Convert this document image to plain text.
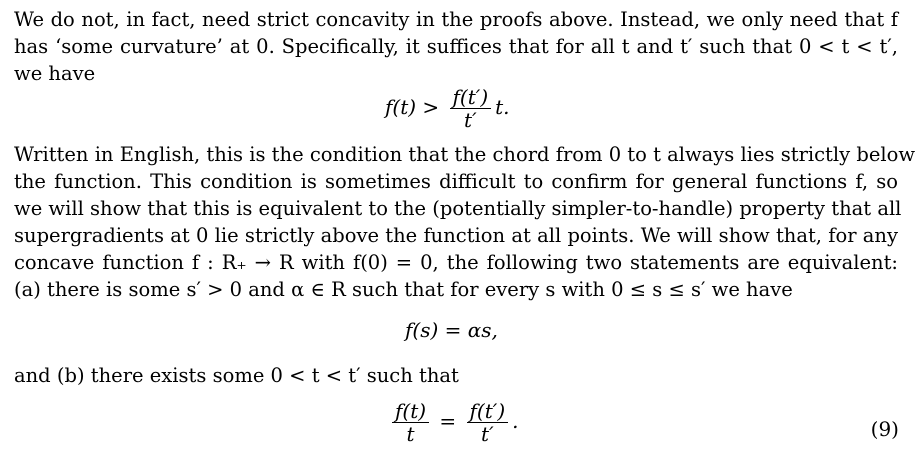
We do not, in fact, need strict concavity in the proofs above. Instead, we only need that f
has ‘some curvature’ at 0. Specifically, it suffices that for all t and t′ such that 0 < t < t′,
we have
$f(t) > \frac{f(t')}{t'} t$.
Written in English, this is the condition that the chord from 0 to t always lies strictly below
the function. This condition is sometimes difficult to confirm for general functions f, so
we will show that this is equivalent to the (potentially simpler-to-handle) property that all
supergradients at 0 lie strictly above the function at all points. We will show that, for any
concave function f : R₊ → R with f(0) = 0, the following two statements are equivalent:
(a) there is some s′ > 0 and α ∈ R such that for every s with 0 ≤ s ≤ s′ we have
f(s) = αs,
and (b) there exists some 0 < t < t′ such that
$\frac{f(t)}{t} = \frac{f(t')}{t'}$ .	(9)
